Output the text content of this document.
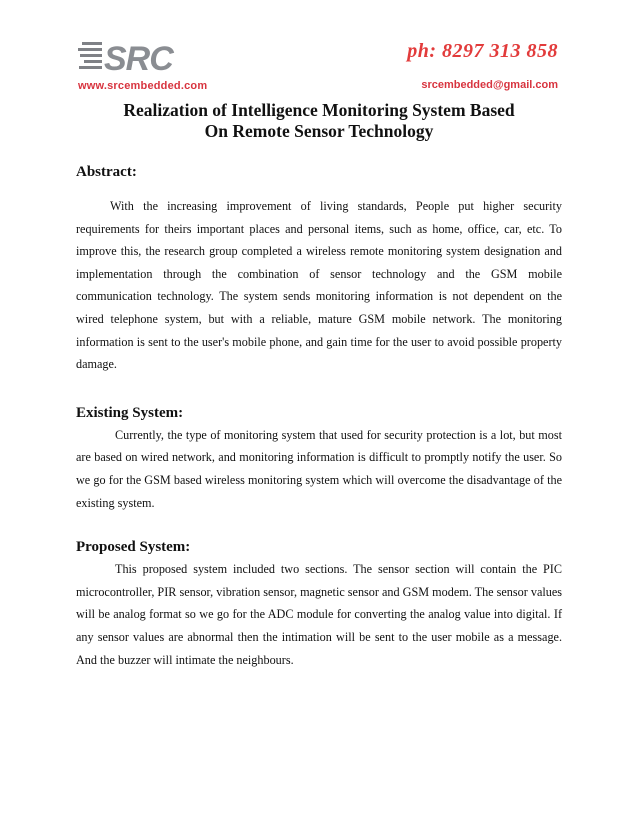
SRC
www.srcembedded.com
ph: 8297 313 858
srcembedded@gmail.com
Realization of Intelligence Monitoring System Based
On Remote Sensor Technology
Abstract:

With the increasing improvement of living standards, People put higher security requirements for theirs important places and personal items, such as home, office, car, etc. To improve this, the research group completed a wireless remote monitoring system designation and implementation through the combination of sensor technology and the GSM mobile communication technology. The system sends monitoring information is not dependent on the wired telephone system, but with a reliable, mature GSM mobile network. The monitoring information is sent to the user's mobile phone, and gain time for the user to avoid possible property damage.

Existing System:

Currently, the type of monitoring system that used for security protection is a lot, but most are based on wired network, and monitoring information is difficult to promptly notify the user. So we go for the GSM based wireless monitoring system which will overcome the disadvantage of the existing system.

Proposed System:

This proposed system included two sections. The sensor section will contain the PIC microcontroller, PIR sensor, vibration sensor, magnetic sensor and GSM modem. The sensor values will be analog format so we go for the ADC module for converting the analog value into digital. If any sensor values are abnormal then the intimation will be sent to the user mobile as a message. And the buzzer will intimate the neighbours.
